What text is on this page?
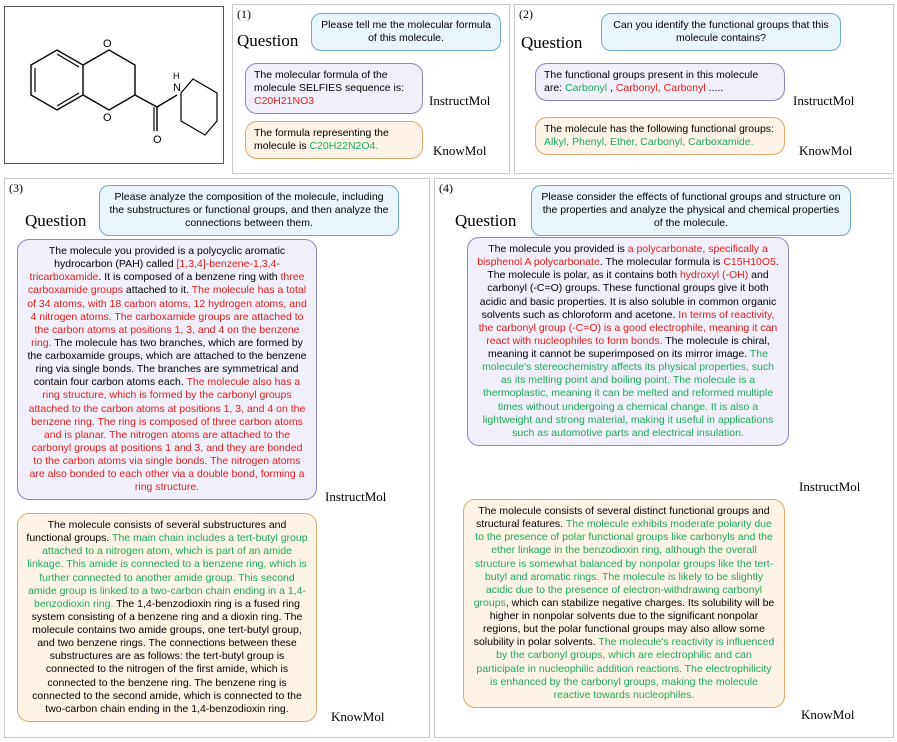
O
O
O
N
H
(1)
Question
Please tell me the molecular formula of this molecule.
The molecular formula of the molecule SELFIES sequence is: C20H21NO3	InstructMol
The formula representing the molecule is C20H22N2O4.	KnowMol
(2)
Question
Can you identify the functional groups that this molecule contains?
The functional groups present in this molecule are: Carbonyl , Carbonyl, Carbonyl .....
InstructMol
The molecule has the following functional groups: Alkyl, Phenyl, Ether, Carbonyl, Carboxamide.
KnowMol
(3)
Question
Please analyze the composition of the molecule, including the substructures or functional groups, and then analyze the connections between them.
The molecule you provided is a polycyclic aromatic hydrocarbon (PAH) called [1,3,4]-benzene-1,3,4-tricarboxamide. It is composed of a benzene ring with three carboxamide groups attached to it. The molecule has a total of 34 atoms, with 18 carbon atoms, 12 hydrogen atoms, and 4 nitrogen atoms. The carboxamide groups are attached to the carbon atoms at positions 1, 3, and 4 on the benzene ring. The molecule has two branches, which are formed by the carboxamide groups, which are attached to the benzene ring via single bonds. The branches are symmetrical and contain four carbon atoms each. The molecule also has a ring structure, which is formed by the carbonyl groups attached to the carbon atoms at positions 1, 3, and 4 on the benzene ring. The ring is composed of three carbon atoms and is planar. The nitrogen atoms are attached to the carbonyl groups at positions 1 and 3, and they are bonded to the carbon atoms via single bonds. The nitrogen atoms are also bonded to each other via a double bond, forming a ring structure.
InstructMol
The molecule consists of several substructures and functional groups. The main chain includes a tert-butyl group attached to a nitrogen atom, which is part of an amide linkage. This amide is connected to a benzene ring, which is further connected to another amide group. This second amide group is linked to a two-carbon chain ending in a 1,4-benzodioxin ring. The 1,4-benzodioxin ring is a fused ring system consisting of a benzene ring and a dioxin ring. The molecule contains two amide groups, one tert-butyl group, and two benzene rings. The connections between these substructures are as follows: the tert-butyl group is connected to the nitrogen of the first amide, which is connected to the benzene ring. The benzene ring is connected to the second amide, which is connected to the two-carbon chain ending in the 1,4-benzodioxin ring.
KnowMol
(4)
Question
Please consider the effects of functional groups and structure on the properties and analyze the physical and chemical properties of the molecule.
The molecule you provided is a polycarbonate, specifically a bisphenol A polycarbonate. The molecular formula is C15H10O5. The molecule is polar, as it contains both hydroxyl (-OH) and carbonyl (-C=O) groups. These functional groups give it both acidic and basic properties. It is also soluble in common organic solvents such as chloroform and acetone. In terms of reactivity, the carbonyl group (-C=O) is a good electrophile, meaning it can react with nucleophiles to form bonds. The molecule is chiral, meaning it cannot be superimposed on its mirror image. The molecule's stereochemistry affects its physical properties, such as its melting point and boiling point. The molecule is a thermoplastic, meaning it can be melted and reformed multiple times without undergoing a chemical change. It is also a lightweight and strong material, making it useful in applications such as automotive parts and electrical insulation.
InstructMol
The molecule consists of several distinct functional groups and structural features. The molecule exhibits moderate polarity due to the presence of polar functional groups like carbonyls and the ether linkage in the benzodioxin ring, although the overall structure is somewhat balanced by nonpolar groups like the tert-butyl and aromatic rings. The molecule is likely to be slightly acidic due to the presence of electron-withdrawing carbonyl groups, which can stabilize negative charges. Its solubility will be higher in nonpolar solvents due to the significant nonpolar regions, but the polar functional groups may also allow some solubility in polar solvents. The molecule's reactivity is influenced by the carbonyl groups, which are electrophilic and can participate in nucleophilic addition reactions. The electrophilicity is enhanced by the carbonyl groups, making the molecule reactive towards nucleophiles.
KnowMol
